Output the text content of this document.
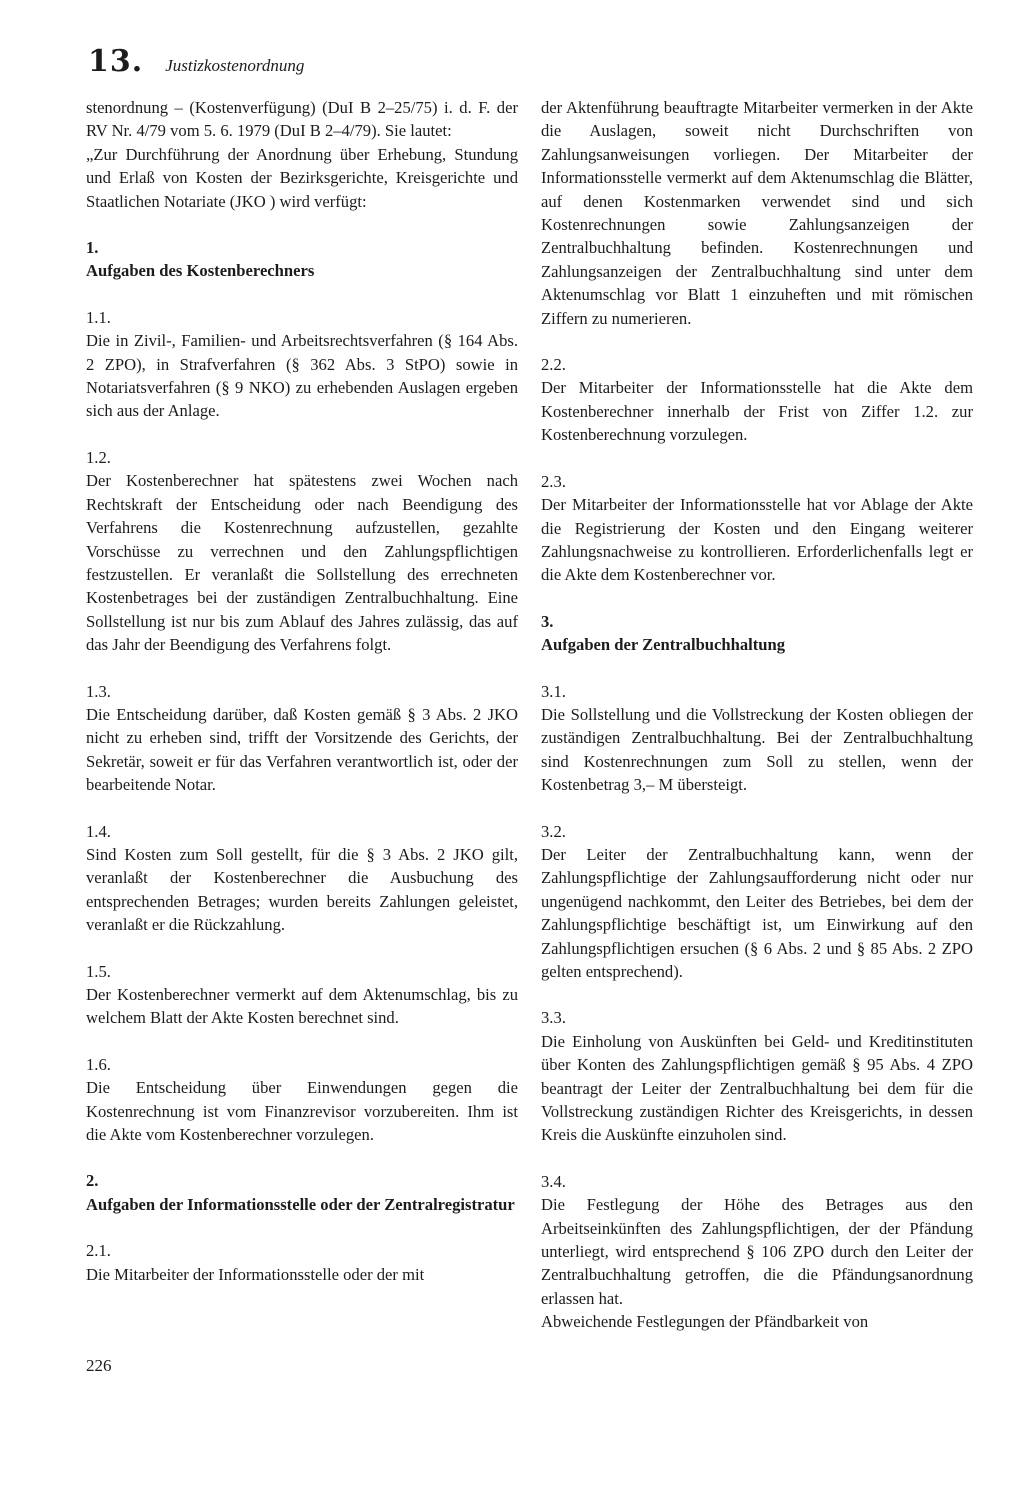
13. Justizkostenordnung

stenordnung – (Kostenverfügung) (DuI B 2–25/75) i. d. F. der RV Nr. 4/79 vom 5. 6. 1979 (DuI B 2–4/79). Sie lautet:

„Zur Durchführung der Anordnung über Erhebung, Stundung und Erlaß von Kosten der Bezirksgerichte, Kreisgerichte und Staatlichen Notariate (JKO ) wird verfügt:

1.

Aufgaben des Kostenberechners

1.1.

Die in Zivil-, Familien- und Arbeitsrechtsverfahren (§ 164 Abs. 2 ZPO), in Strafverfahren (§ 362 Abs. 3 StPO) sowie in Notariatsverfahren (§ 9 NKO) zu erhebenden Auslagen ergeben sich aus der Anlage.

1.2.

Der Kostenberechner hat spätestens zwei Wochen nach Rechtskraft der Entscheidung oder nach Beendigung des Verfahrens die Kostenrechnung aufzustellen, gezahlte Vorschüsse zu verrechnen und den Zahlungspflichtigen festzustellen. Er veranlaßt die Sollstellung des errechneten Kostenbetrages bei der zuständigen Zentralbuchhaltung. Eine Sollstellung ist nur bis zum Ablauf des Jahres zulässig, das auf das Jahr der Beendigung des Verfahrens folgt.

1.3.

Die Entscheidung darüber, daß Kosten gemäß § 3 Abs. 2 JKO nicht zu erheben sind, trifft der Vorsitzende des Gerichts, der Sekretär, soweit er für das Verfahren verantwortlich ist, oder der bearbeitende Notar.

1.4.

Sind Kosten zum Soll gestellt, für die § 3 Abs. 2 JKO gilt, veranlaßt der Kostenberechner die Ausbuchung des entsprechenden Betrages; wurden bereits Zahlungen geleistet, veranlaßt er die Rückzahlung.

1.5.

Der Kostenberechner vermerkt auf dem Aktenumschlag, bis zu welchem Blatt der Akte Kosten berechnet sind.

1.6.

Die Entscheidung über Einwendungen gegen die Kostenrechnung ist vom Finanzrevisor vorzubereiten. Ihm ist die Akte vom Kostenberechner vorzulegen.

2.

Aufgaben der Informationsstelle oder der Zentralregistratur

2.1.

Die Mitarbeiter der Informationsstelle oder der mit

der Aktenführung beauftragte Mitarbeiter vermerken in der Akte die Auslagen, soweit nicht Durchschriften von Zahlungsanweisungen vorliegen. Der Mitarbeiter der Informationsstelle vermerkt auf dem Aktenumschlag die Blätter, auf denen Kostenmarken verwendet sind und sich Kostenrechnungen sowie Zahlungsanzeigen der Zentralbuchhaltung befinden. Kostenrechnungen und Zahlungsanzeigen der Zentralbuchhaltung sind unter dem Aktenumschlag vor Blatt 1 einzuheften und mit römischen Ziffern zu numerieren.

2.2.

Der Mitarbeiter der Informationsstelle hat die Akte dem Kostenberechner innerhalb der Frist von Ziffer 1.2. zur Kostenberechnung vorzulegen.

2.3.

Der Mitarbeiter der Informationsstelle hat vor Ablage der Akte die Registrierung der Kosten und den Eingang weiterer Zahlungsnachweise zu kontrollieren. Erforderlichenfalls legt er die Akte dem Kostenberechner vor.

3.

Aufgaben der Zentralbuchhaltung

3.1.

Die Sollstellung und die Vollstreckung der Kosten obliegen der zuständigen Zentralbuchhaltung. Bei der Zentralbuchhaltung sind Kostenrechnungen zum Soll zu stellen, wenn der Kostenbetrag 3,– M übersteigt.

3.2.

Der Leiter der Zentralbuchhaltung kann, wenn der Zahlungspflichtige der Zahlungsaufforderung nicht oder nur ungenügend nachkommt, den Leiter des Betriebes, bei dem der Zahlungspflichtige beschäftigt ist, um Einwirkung auf den Zahlungspflichtigen ersuchen (§ 6 Abs. 2 und § 85 Abs. 2 ZPO gelten entsprechend).

3.3.

Die Einholung von Auskünften bei Geld- und Kreditinstituten über Konten des Zahlungspflichtigen gemäß § 95 Abs. 4 ZPO beantragt der Leiter der Zentralbuchhaltung bei dem für die Vollstreckung zuständigen Richter des Kreisgerichts, in dessen Kreis die Auskünfte einzuholen sind.

3.4.

Die Festlegung der Höhe des Betrages aus den Arbeitseinkünften des Zahlungspflichtigen, der der Pfändung unterliegt, wird entsprechend § 106 ZPO durch den Leiter der Zentralbuchhaltung getroffen, die die Pfändungsanordnung erlassen hat.

Abweichende Festlegungen der Pfändbarkeit von

226
